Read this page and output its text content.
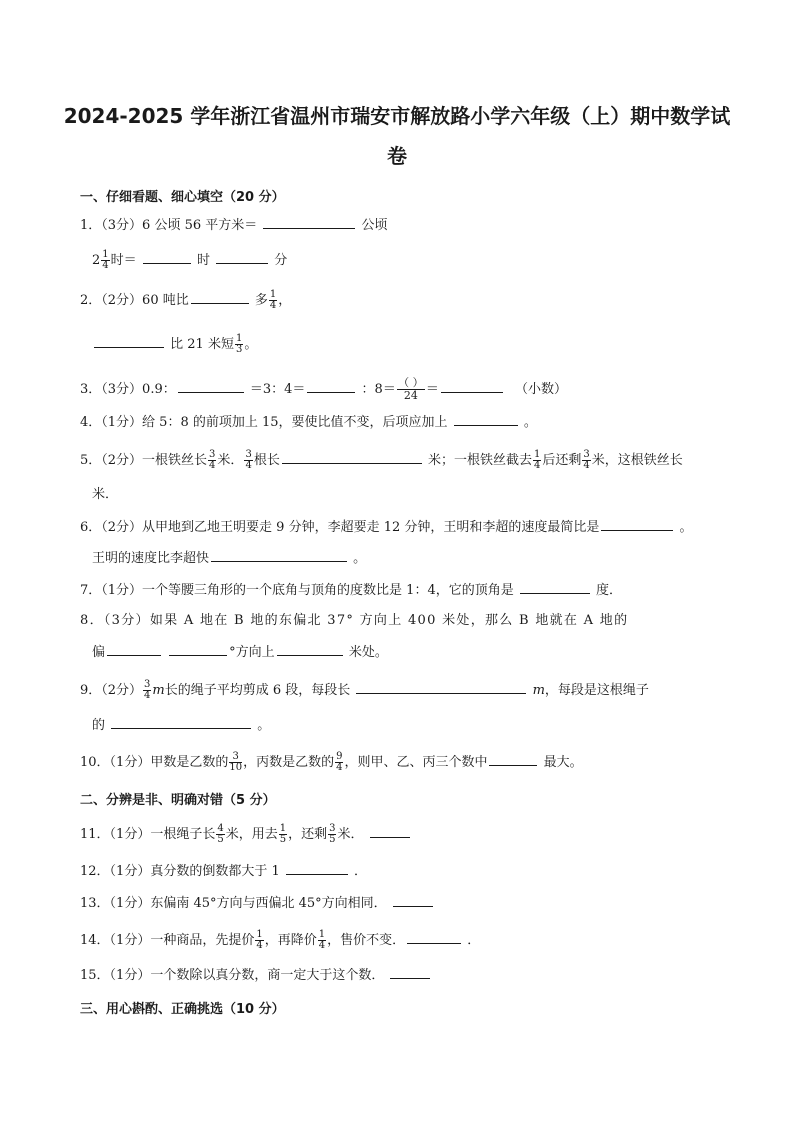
2024-2025 学年浙江省温州市瑞安市解放路小学六年级（上）期中数学试
卷
一、仔细看题、细心填空（20 分）
1．（3分）6 公顷 56 平方米＝	公顷
$2 \frac{1}{4}$ 时＝	时	分
2．（2分）60 吨比	多 $\frac{1}{4}$ ，
比 21 米短 $\frac{1}{3}$ 。
3．（3分）0.9：	＝3：4＝	：$8= \frac{( )}{24}$ ＝	（小数）
4．（1分）给 5：8 的前项加上 15，要使比值不变，后项应加上	。
5．（2分）一根铁丝长 $\frac{3}{4}$ 米． $\frac{3}{4}$ 根长	米；一根铁丝截去 $\frac{1}{4}$ 后还剩 $\frac{3}{4}$ 米，这根铁丝长
米．
6．（2分）从甲地到乙地王明要走 9 分钟，李超要走 12 分钟，王明和李超的速度最简比是	。
王明的速度比李超快	。
7．（1分）一个等腰三角形的一个底角与顶角的度数比是 1：4，它的顶角是	度．
8．（3分）如果 A 地在 B 地的东偏北 37° 方向上 400 米处，那么 B 地就在 A 地的
偏	°方向上	米处。
9．（2分） $\frac{3}{4}$ m长的绳子平均剪成 6 段，每段长	m，每段是这根绳子
的	。
10．（1分）甲数是乙数的 $\frac{3}{10}$ ，丙数是乙数的 $\frac{9}{4}$ ，则甲、乙、丙三个数中	最大。
二、分辨是非、明确对错（5 分）
11．（1分）一根绳子长 $\frac{4}{5}$ 米，用去 $\frac{1}{5}$ ，还剩 $\frac{3}{5}$ 米．
12．（1分）真分数的倒数都大于 1	．
13．（1分）东偏南 45°方向与西偏北 45°方向相同．
14．（1分）一种商品，先提价 $\frac{1}{4}$ ，再降价 $\frac{1}{4}$ ，售价不变．	．
15．（1分）一个数除以真分数，商一定大于这个数．
三、用心斟酌、正确挑选（10 分）
